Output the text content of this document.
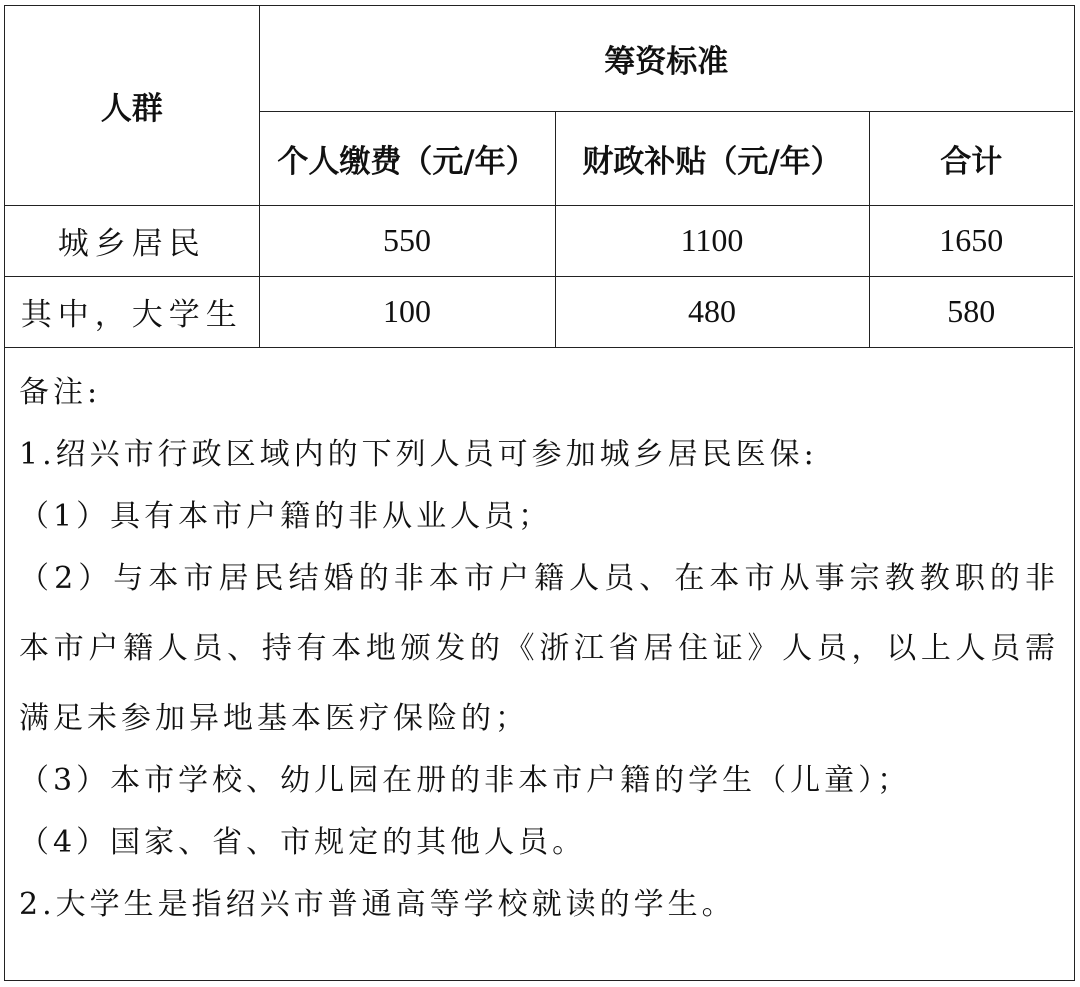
人群	筹资标准		
	个人缴费（元/年）	财政补贴（元/年）	合计
城乡居民	550	1100	1650
其中，大学生	100	480	580
备注:
1.绍兴市行政区域内的下列人员可参加城乡居民医保:
（1）具有本市户籍的非从业人员；
（2）与本市居民结婚的非本市户籍人员、在本市从事宗教教职的非本市户籍人员、持有本地颁发的《浙江省居住证》人员，以上人员需满足未参加异地基本医疗保险的；
（3）本市学校、幼儿园在册的非本市户籍的学生（儿童）；
（4）国家、省、市规定的其他人员。
2.大学生是指绍兴市普通高等学校就读的学生。
